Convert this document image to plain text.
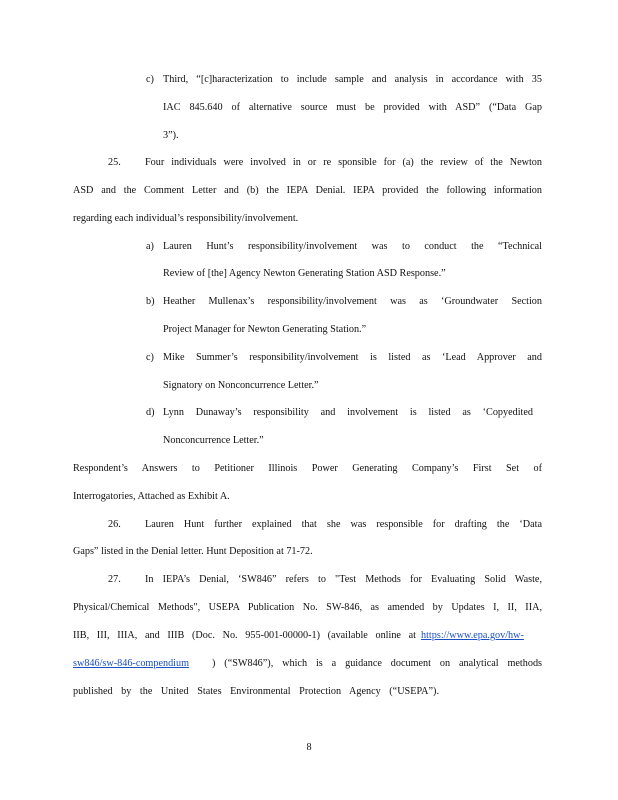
c) Third, “[c]haracterization to include sample and analysis in accordance with 35
IAC 845.640 of alternative source must be provided with ASD” (“Data Gap
3”).
25. Four individuals were involved in or re sponsible for (a) the review of the Newton
ASD and the Comment Letter and (b) the IEPA Denial. IEPA provided the following information
regarding each individual’s responsibility/involvement.
a) Lauren Hunt’s responsibility/involvement was to conduct the “Technical
Review of [the] Agency Newton Generating Station ASD Response.”
b) Heather Mullenax’s responsibility/involvement was as ‘Groundwater Section
Project Manager for Newton Generating Station.”
c) Mike Summer’s responsibility/involvement is listed as ‘Lead Approver and
Signatory on Nonconcurrence Letter.”
d) Lynn Dunaway’s responsibility and involvement is listed as ‘Copyedited
Nonconcurrence Letter.”
Respondent’s Answers to Petitioner Illinois Power Generating Company’s First Set of
Interrogatories, Attached as Exhibit A.
26. Lauren Hunt further explained that she was responsible for drafting the ‘Data
Gaps” listed in the Denial letter. Hunt Deposition at 71-72.
27. In IEPA’s Denial, ‘SW846” refers to "Test Methods for Evaluating Solid Waste,
Physical/Chemical Methods", USEPA Publication No. SW-846, as amended by Updates I, II, IIA,
IIB, III, IIIA, and IIIB (Doc. No. 955-001-00000-1) (available online at https://www.epa.gov/hw-
sw846/sw-846-compendium	) (“SW846”), which is a guidance document on analytical methods
published by the United States Environmental Protection Agency (“USEPA”).
8
